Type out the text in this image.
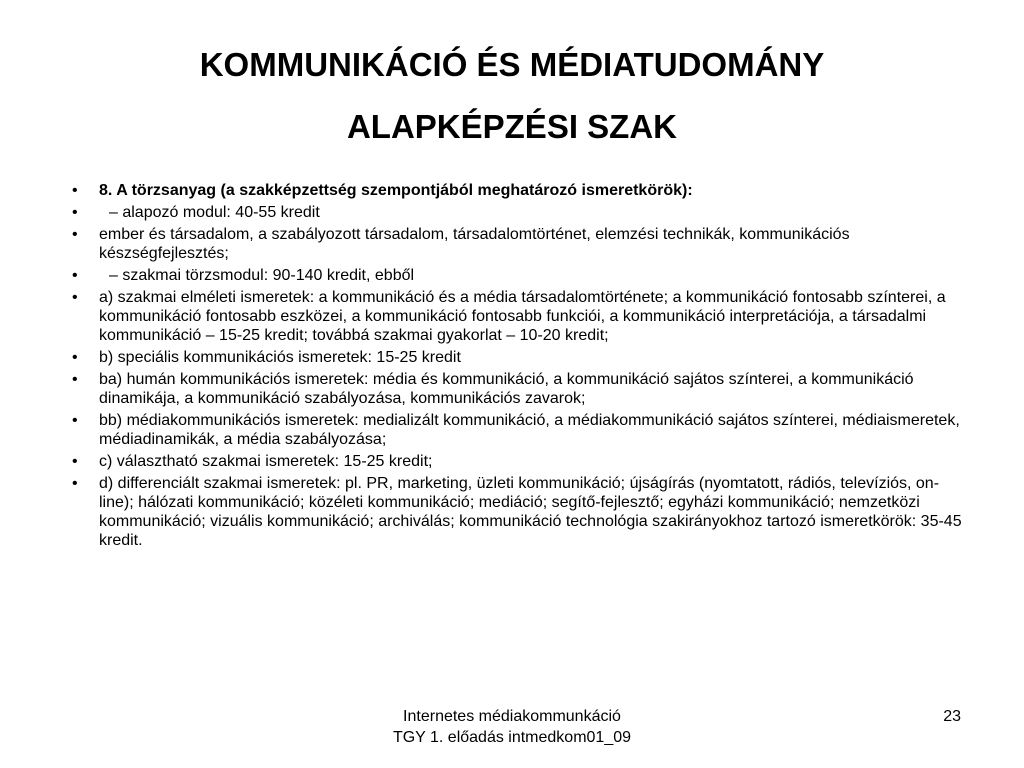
KOMMUNIKÁCIÓ ÉS MÉDIATUDOMÁNY
ALAPKÉPZÉSI SZAK
•	8. A törzsanyag (a szakképzettség szempontjából meghatározó ismeretkörök):
•	– alapozó modul: 40-55 kredit
•	ember és társadalom, a szabályozott társadalom, társadalomtörténet, elemzési technikák, kommunikációs készségfejlesztés;
•	– szakmai törzsmodul: 90-140 kredit, ebből
•	a) szakmai elméleti ismeretek: a kommunikáció és a média társadalomtörténete; a kommunikáció fontosabb színterei, a kommunikáció fontosabb eszközei, a kommunikáció fontosabb funkciói, a kommunikáció interpretációja, a társadalmi kommunikáció – 15-25 kredit; továbbá szakmai gyakorlat – 10-20 kredit;
•	b) speciális kommunikációs ismeretek: 15-25 kredit
•	ba) humán kommunikációs ismeretek: média és kommunikáció, a kommunikáció sajátos színterei, a kommunikáció dinamikája, a kommunikáció szabályozása, kommunikációs zavarok;
•	bb) médiakommunikációs ismeretek: medializált kommunikáció, a médiakommunikáció sajátos színterei, médiaismeretek, médiadinamikák, a média szabályozása;
•	c) választható szakmai ismeretek: 15-25 kredit;
•	d) differenciált szakmai ismeretek: pl. PR, marketing, üzleti kommunikáció; újságírás (nyomtatott, rádiós, televíziós, on-line); hálózati kommunikáció; közéleti kommunikáció; mediáció; segítő-fejlesztő; egyházi kommunikáció; nemzetközi kommunikáció; vizuális kommunikáció; archiválás; kommunikáció technológia szakirányokhoz tartozó ismeretkörök: 35-45 kredit.
Internetes médiakommunkáció
TGY 1. előadás intmedkom01_09
23
